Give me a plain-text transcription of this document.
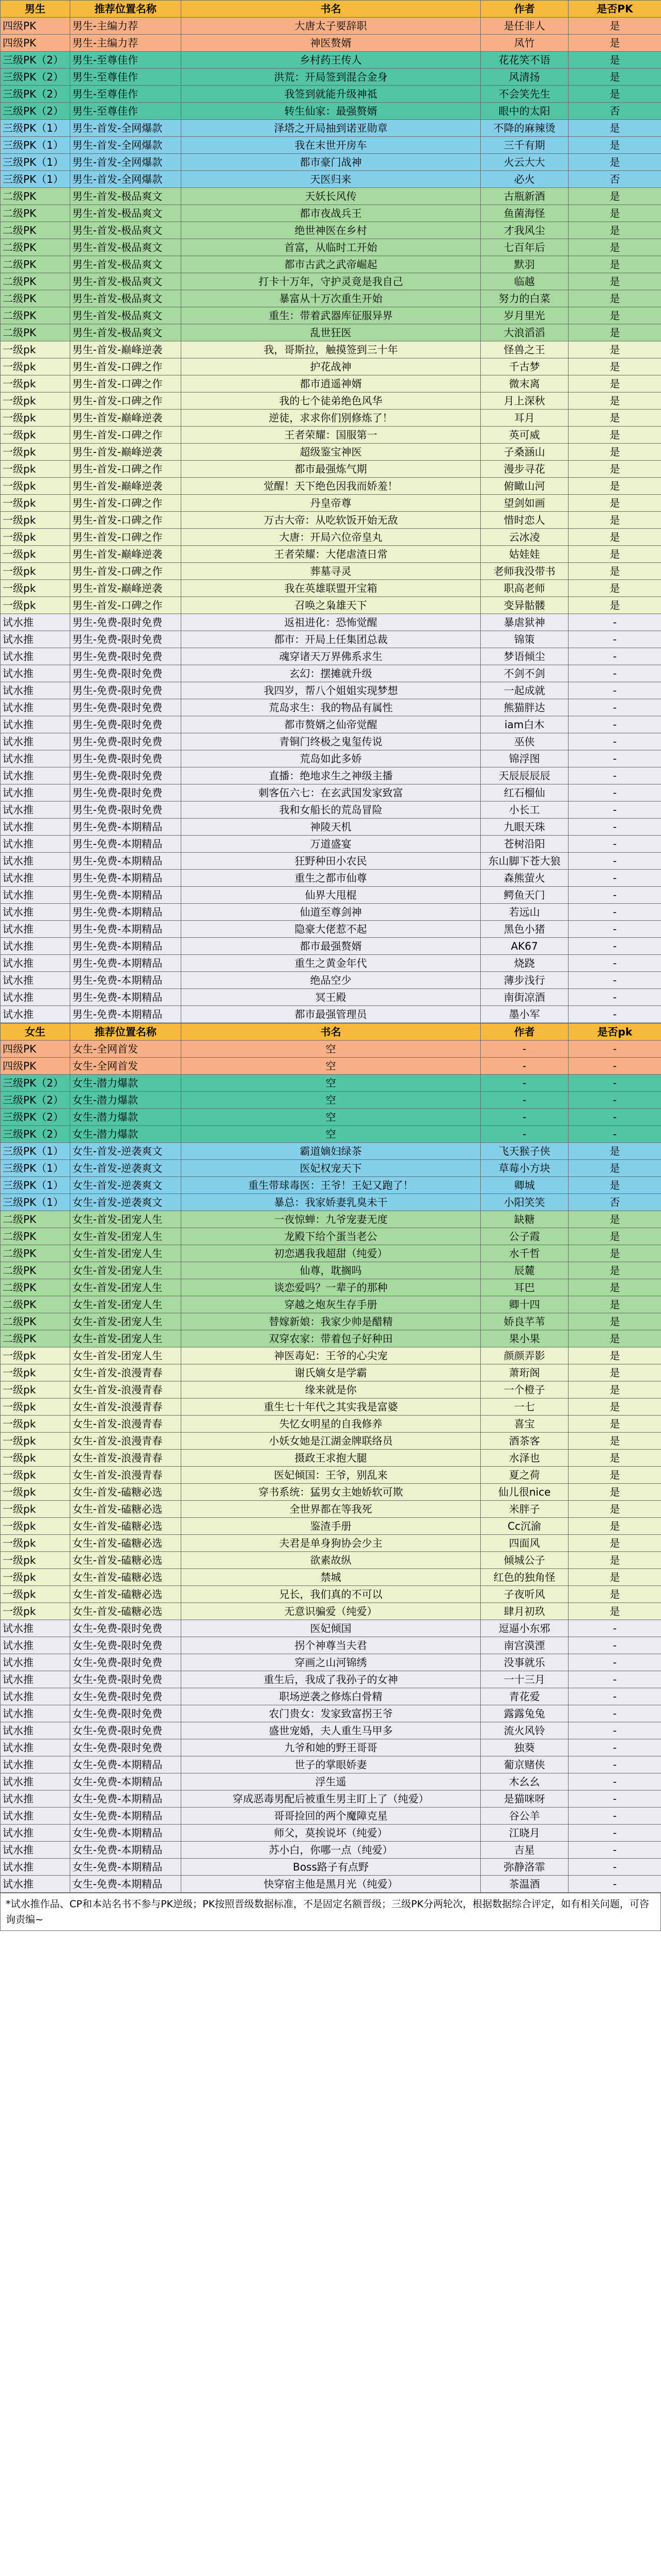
男生	推荐位置名称	书名	作者	是否PK
四级PK	男生-主编力荐	大唐太子要辞职	是任非人	是
四级PK	男生-主编力荐	神医赘婿	凤竹	是
三级PK（2）	男生-至尊佳作	乡村药王传人	花花笑不语	是
三级PK（2）	男生-至尊佳作	洪荒：开局签到混合金身	风清扬	是
三级PK（2）	男生-至尊佳作	我签到就能升级神祗	不会笑先生	是
三级PK（2）	男生-至尊佳作	转生仙家：最强赘婿	眼中的太阳	否
三级PK（1）	男生-首发-全网爆款	泽塔之开局抽到诺亚勋章	不降的麻辣烫	是
三级PK（1）	男生-首发-全网爆款	我在末世开房车	三千有期	是
三级PK（1）	男生-首发-全网爆款	都市豪门战神	火云大大	是
三级PK（1）	男生-首发-全网爆款	天医归来	必火	否
二级PK	男生-首发-极品爽文	天妖长风传	古瓶新酒	是
二级PK	男生-首发-极品爽文	都市夜战兵王	鱼菌海怪	是
二级PK	男生-首发-极品爽文	绝世神医在乡村	才我风尘	是
二级PK	男生-首发-极品爽文	首富，从临时工开始	七百年后	是
二级PK	男生-首发-极品爽文	都市古武之武帝崛起	默羽	是
二级PK	男生-首发-极品爽文	打卡十万年，守护灵竟是我自己	临越	是
二级PK	男生-首发-极品爽文	暴富从十万次重生开始	努力的白菜	是
二级PK	男生-首发-极品爽文	重生：带着武器库征服异界	岁月里光	是
二级PK	男生-首发-极品爽文	乱世狂医	大浪滔滔	是
一级pk	男生-首发-巅峰逆袭	我，哥斯拉，触摸签到三十年	怪兽之王	是
一级pk	男生-首发-口碑之作	护花战神	千古梦	是
一级pk	男生-首发-口碑之作	都市逍遥神婿	微末离	是
一级pk	男生-首发-口碑之作	我的七个徒弟绝色风华	月上深秋	是
一级pk	男生-首发-巅峰逆袭	逆徒，求求你们别修炼了！	耳月	是
一级pk	男生-首发-口碑之作	王者荣耀：国服第一	英可威	是
一级pk	男生-首发-巅峰逆袭	超级鉴宝神医	子桑涵山	是
一级pk	男生-首发-口碑之作	都市最强炼气期	漫步寻花	是
一级pk	男生-首发-巅峰逆袭	觉醒！天下绝色因我而娇羞！	俯瞰山河	是
一级pk	男生-首发-口碑之作	丹皇帝尊	望剑如画	是
一级pk	男生-首发-口碑之作	万古大帝：从吃软饭开始无敌	惜时恋人	是
一级pk	男生-首发-口碑之作	大唐：开局六位帝皇丸	云冰凌	是
一级pk	男生-首发-巅峰逆袭	王者荣耀：大佬虐渣日常	姑娃娃	是
一级pk	男生-首发-口碑之作	葬墓寻灵	老师我没带书	是
一级pk	男生-首发-巅峰逆袭	我在英雄联盟开宝箱	职高老师	是
一级pk	男生-首发-口碑之作	召唤之枭雄天下	变异骷髅	是
试水推	男生-免费-限时免费	返祖进化：恐怖觉醒	暴虐狱神	-
试水推	男生-免费-限时免费	都市：开局上任集团总裁	锦策	-
试水推	男生-免费-限时免费	魂穿诸天万界佛系求生	梦语倾尘	-
试水推	男生-免费-限时免费	玄幻：摆摊就升级	不剑不剑	-
试水推	男生-免费-限时免费	我四岁，帮八个姐姐实现梦想	一起成就	-
试水推	男生-免费-限时免费	荒岛求生：我的物品有属性	熊猫胖达	-
试水推	男生-免费-限时免费	都市赘婿之仙帝觉醒	iam白木	-
试水推	男生-免费-限时免费	青铜门终极之鬼玺传说	巫侠	-
试水推	男生-免费-限时免费	荒岛如此多娇	锦浮图	-
试水推	男生-免费-限时免费	直播：绝地求生之神级主播	天辰辰辰辰	-
试水推	男生-免费-限时免费	刺客伍六七：在玄武国发家致富	红石榴仙	-
试水推	男生-免费-限时免费	我和女船长的荒岛冒险	小长工	-
试水推	男生-免费-本期精品	神陵天机	九眼天珠	-
试水推	男生-免费-本期精品	万道盛宴	苍树沿阳	-
试水推	男生-免费-本期精品	狂野种田小农民	东山脚下苍大狼	-
试水推	男生-免费-本期精品	重生之都市仙尊	森熊萤火	-
试水推	男生-免费-本期精品	仙界大甩棍	鳄鱼天门	-
试水推	男生-免费-本期精品	仙道至尊剑神	若远山	-
试水推	男生-免费-本期精品	隐豪大佬惹不起	黑色小猪	-
试水推	男生-免费-本期精品	都市最强赘婿	AK67	-
试水推	男生-免费-本期精品	重生之黄金年代	烧跷	-
试水推	男生-免费-本期精品	绝品空少	薄步浅行	-
试水推	男生-免费-本期精品	冥王殿	南街凉酒	-
试水推	男生-免费-本期精品	都市最强管理员	墨小军	-
女生	推荐位置名称	书名	作者	是否pk
四级PK	女生-全网首发	空	-	-
四级PK	女生-全网首发	空	-	-
三级PK（2）	女生-潜力爆款	空	-	-
三级PK（2）	女生-潜力爆款	空	-	-
三级PK（2）	女生-潜力爆款	空	-	-
三级PK（2）	女生-潜力爆款	空	-	-
三级PK（1）	女生-首发-逆袭爽文	霸道嫡妇绿茶	飞天猴子侠	是
三级PK（1）	女生-首发-逆袭爽文	医妃权宠天下	草莓小方块	是
三级PK（1）	女生-首发-逆袭爽文	重生带球毒医：王爷！王妃又跑了！	卿城	是
三级PK（1）	女生-首发-逆袭爽文	暴总：我家娇妻乳臭未干	小阳笑笑	否
二级PK	女生-首发-团宠人生	一夜惊蝉：九爷宠妻无度	缺糖	是
二级PK	女生-首发-团宠人生	龙殿下给个蛋当老公	公子霞	是
二级PK	女生-首发-团宠人生	初恋遇我我超甜（纯爱）	水千哲	是
二级PK	女生-首发-团宠人生	仙尊，耽搁吗	辰麓	是
二级PK	女生-首发-团宠人生	谈恋爱吗？一辈子的那种	耳巴	是
二级PK	女生-首发-团宠人生	穿越之炮灰生存手册	卿十四	是
二级PK	女生-首发-团宠人生	替嫁新娘：我家少帅是醋精	娇良芊苇	是
二级PK	女生-首发-团宠人生	双穿农家：带着包子好种田	果小果	是
一级pk	女生-首发-团宠人生	神医毒妃：王爷的心尖宠	颜颜弄影	是
一级pk	女生-首发-浪漫青春	谢氏嫡女是学霸	萧珩阁	是
一级pk	女生-首发-浪漫青春	缘来就是你	一个橙子	是
一级pk	女生-首发-浪漫青春	重生七十年代之其实我是富婆	一七	是
一级pk	女生-首发-浪漫青春	失忆女明星的自我修养	喜宝	是
一级pk	女生-首发-浪漫青春	小妖女她是江湖金牌联络员	酒茶客	是
一级pk	女生-首发-浪漫青春	摄政王求抱大腿	水泽也	是
一级pk	女生-首发-浪漫青春	医妃倾国：王爷，别乱来	夏之荷	是
一级pk	女生-首发-磕糖必选	穿书系统：猛男女主她娇软可欺	仙儿很nice	是
一级pk	女生-首发-磕糖必选	全世界都在等我死	米胖子	是
一级pk	女生-首发-磕糖必选	鉴渣手册	Cc沉渝	是
一级pk	女生-首发-磕糖必选	夫君是单身狗协会少主	四面风	是
一级pk	女生-首发-磕糖必选	欲素故纵	倾城公子	是
一级pk	女生-首发-磕糖必选	禁城	红色的独角怪	是
一级pk	女生-首发-磕糖必选	兄长，我们真的不可以	子夜听风	是
一级pk	女生-首发-磕糖必选	无意识骗爱（纯爱）	肆月初玖	是
试水推	女生-免费-限时免费	医妃倾国	逗逼小东邪	-
试水推	女生-免费-限时免费	拐个神尊当夫君	南宫漠湮	-
试水推	女生-免费-限时免费	穿画之山河锦绣	没事就乐	-
试水推	女生-免费-限时免费	重生后，我成了我孙子的女神	一十三月	-
试水推	女生-免费-限时免费	职场逆袭之修炼白骨精	青花爱	-
试水推	女生-免费-限时免费	农门贵女：发家致富拐王爷	露露兔兔	-
试水推	女生-免费-限时免费	盛世宠婚，夫人重生马甲多	流火风铃	-
试水推	女生-免费-限时免费	九爷和她的野王哥哥	独葵	-
试水推	女生-免费-本期精品	世子的掌眼娇妻	葡京赌侠	-
试水推	女生-免费-本期精品	浮生遥	木幺幺	-
试水推	女生-免费-本期精品	穿成恶毒男配后被重生男主盯上了（纯爱）	是猫咪呀	-
试水推	女生-免费-本期精品	哥哥捡回的两个魔障克星	谷公羊	-
试水推	女生-免费-本期精品	师父，莫挨说坏（纯爱）	江晓月	-
试水推	女生-免费-本期精品	苏小白，你哪一点（纯爱）	吉星	-
试水推	女生-免费-本期精品	Boss路子有点野	弥静洛霏	-
试水推	女生-免费-本期精品	快穿宿主他是黑月光（纯爱）	茶温酒	-
*试水推作品、CP和本站名书不参与PK逆级；PK按照晋级数据标准，不是固定名额晋级；三级PK分两轮次，根据数据综合评定，如有相关问题，可咨询责编~
